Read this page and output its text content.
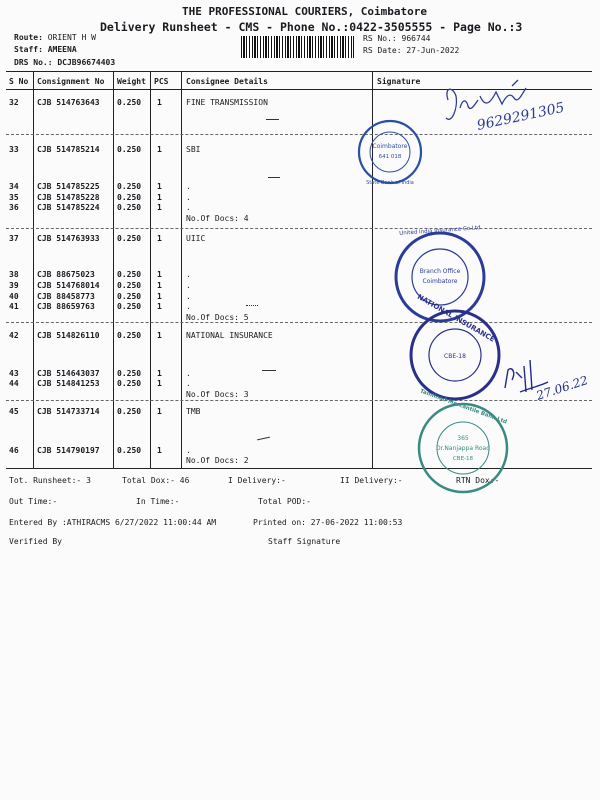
THE PROFESSIONAL COURIERS, Coimbatore
Delivery Runsheet - CMS - Phone No.:0422-3505555 - Page No.:3
Route: ORIENT H W
Staff: AMEENA
DRS No.: DCJB96674403
RS No.: 966744
RS Date: 27-Jun-2022
S No Consignment No Weight PCS Consignee Details	Signature
32 CJB 514763643 0.250 1	FINE TRANSMISSION
33 CJB 514785214 0.250 1	SBI
34 CJB 514785225 0.250 1	.
35 CJB 514785228 0.250 1	.
36 CJB 514785224 0.250 1	.
No.Of Docs: 4
37 CJB 514763933 0.250 1	UIIC
38 CJB 88675023	0.250 1	.
39 CJB 514768014 0.250 1	.
40 CJB 88458773	0.250 1	.
41 CJB 88659763	0.250 1	.
No.Of Docs: 5
42 CJB 514826110 0.250 1	NATIONAL INSURANCE
43 CJB 514643037 0.250 1	.
44 CJB 514841253 0.250 1	.
No.Of Docs: 3
45 CJB 514733714 0.250 1	TMB
46 CJB 514790197 0.250 1	.
No.Of Docs: 2
Tot. Runsheet:- 3	Total Dox:- 46	I Delivery:-	II Delivery:-	RTN Dox:-
Out Time:-	In Time:-	Total POD:-
Entered By :ATHIRACMS 6/27/2022 11:00:44 AM	Printed on: 27-06-2022 11:00:53
Verified By	Staff Signature
9629291305
Coimbatore
641 018
State Bank of India
Branch Office
Coimbatore
United India Insurance Co.Ltd
NATIONAL INSURANCE
CBE-18
27.06.22
365
Dr.Nanjappa Road
CBE-18
Tamilnad Mercantile Bank Ltd
